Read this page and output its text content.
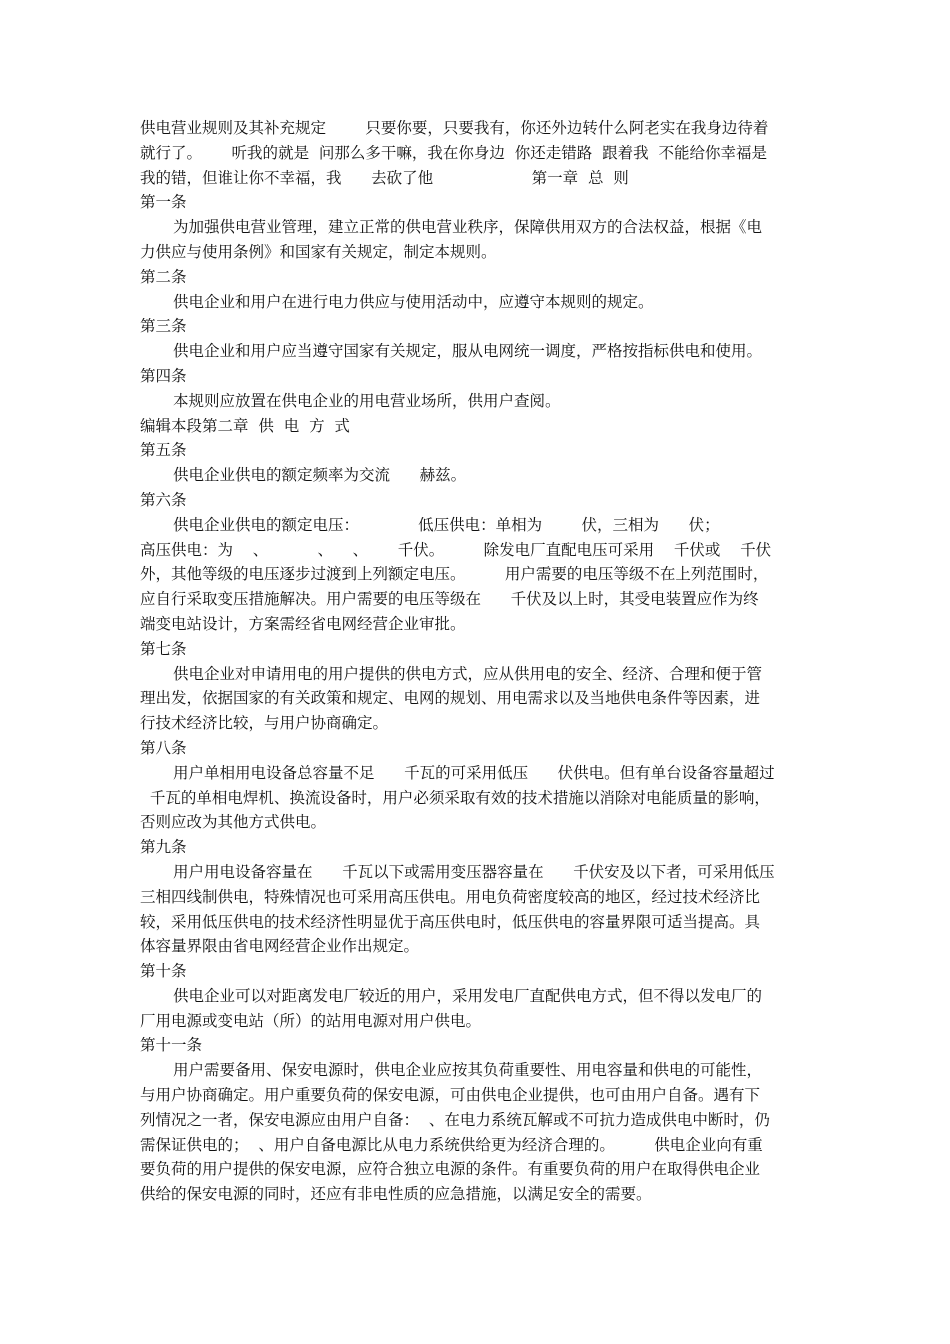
供电营业规则及其补充规定        只要你要，只要我有，你还外边转什么阿老实在我身边待着
就行了。      听我的就是  问那么多干嘛，我在你身边  你还走错路  跟着我  不能给你幸福是
我的错，但谁让你不幸福，我      去砍了他                    第一章  总  则
第一条
为加强供电营业管理，建立正常的供电营业秩序，保障供用双方的合法权益，根据《电
力供应与使用条例》和国家有关规定，制定本规则。
第二条
供电企业和用户在进行电力供应与使用活动中，应遵守本规则的规定。
第三条
供电企业和用户应当遵守国家有关规定，服从电网统一调度，严格按指标供电和使用。
第四条
本规则应放置在供电企业的用电营业场所，供用户查阅。
编辑本段第二章  供  电  方  式
第五条
供电企业供电的额定频率为交流      赫兹。
第六条
供电企业供电的额定电压：            低压供电：单相为        伏，三相为      伏；
高压供电：为    、          、    、      千伏。        除发电厂直配电压可采用    千伏或    千伏
外，其他等级的电压逐步过渡到上列额定电压。        用户需要的电压等级不在上列范围时，
应自行采取变压措施解决。用户需要的电压等级在      千伏及以上时，其受电装置应作为终
端变电站设计，方案需经省电网经营企业审批。
第七条
供电企业对申请用电的用户提供的供电方式，应从供用电的安全、经济、合理和便于管
理出发，依据国家的有关政策和规定、电网的规划、用电需求以及当地供电条件等因素，进
行技术经济比较，与用户协商确定。
第八条
用户单相用电设备总容量不足      千瓦的可采用低压      伏供电。但有单台设备容量超过
千瓦的单相电焊机、换流设备时，用户必须采取有效的技术措施以消除对电能质量的影响，
否则应改为其他方式供电。
第九条
用户用电设备容量在      千瓦以下或需用变压器容量在      千伏安及以下者，可采用低压
三相四线制供电，特殊情况也可采用高压供电。用电负荷密度较高的地区，经过技术经济比
较，采用低压供电的技术经济性明显优于高压供电时，低压供电的容量界限可适当提高。具
体容量界限由省电网经营企业作出规定。
第十条
供电企业可以对距离发电厂较近的用户，采用发电厂直配供电方式，但不得以发电厂的
厂用电源或变电站（所）的站用电源对用户供电。
第十一条
用户需要备用、保安电源时，供电企业应按其负荷重要性、用电容量和供电的可能性，
与用户协商确定。用户重要负荷的保安电源，可由供电企业提供，也可由用户自备。遇有下
列情况之一者，保安电源应由用户自备：  、在电力系统瓦解或不可抗力造成供电中断时，仍
需保证供电的；  、用户自备电源比从电力系统供给更为经济合理的。        供电企业向有重
要负荷的用户提供的保安电源，应符合独立电源的条件。有重要负荷的用户在取得供电企业
供给的保安电源的同时，还应有非电性质的应急措施，以满足安全的需要。
